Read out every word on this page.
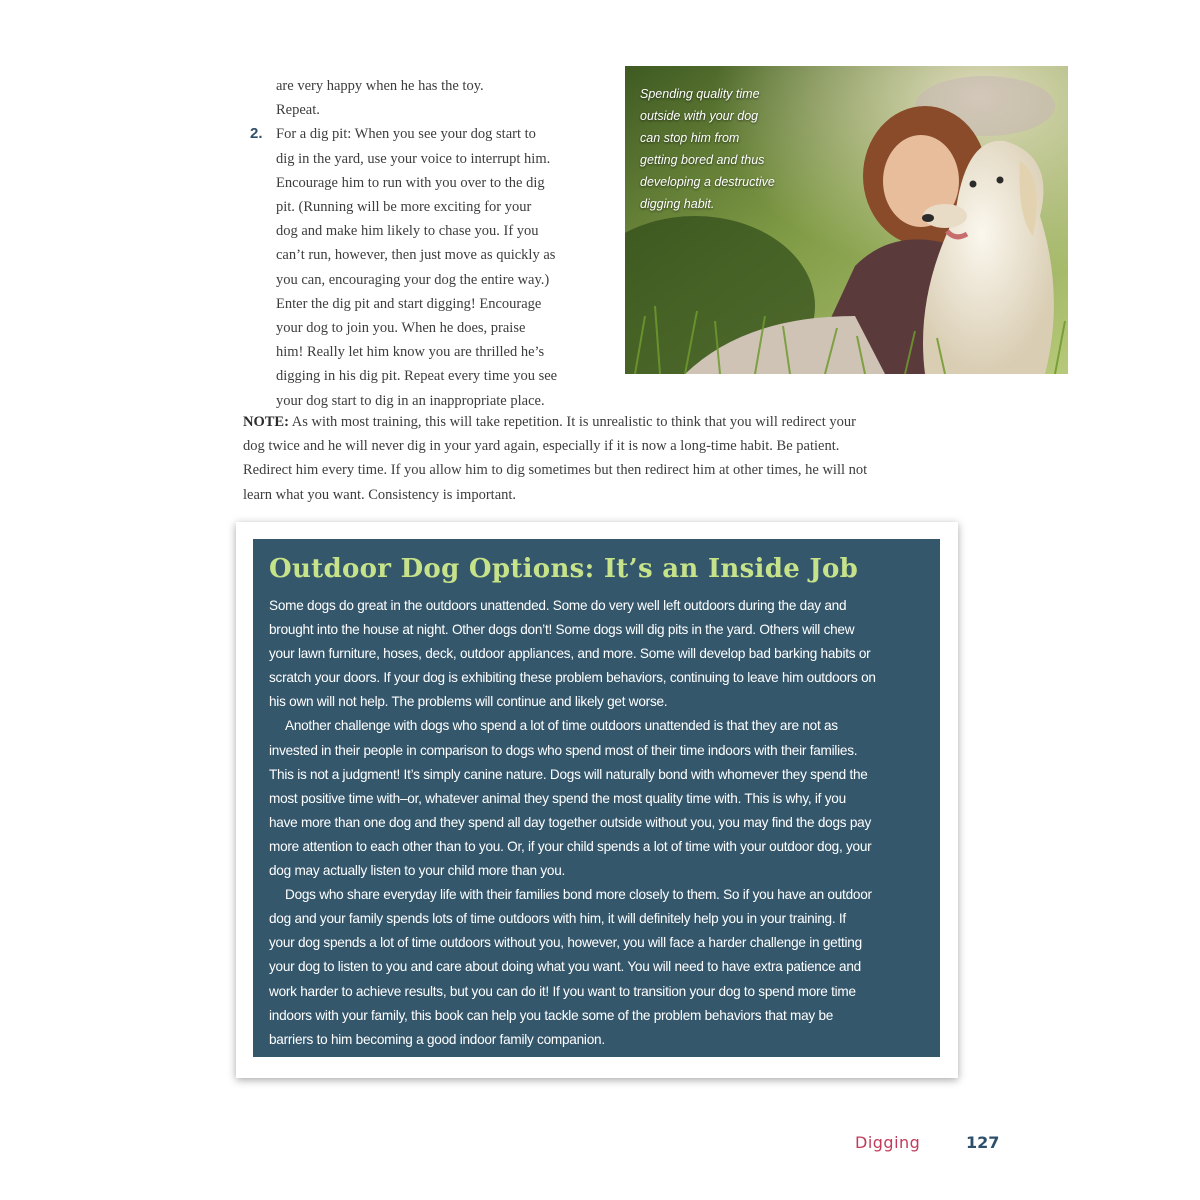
are very happy when he has the toy.
Repeat.
2. For a dig pit: When you see your dog start to
dig in the yard, use your voice to interrupt him.
Encourage him to run with you over to the dig
pit. (Running will be more exciting for your
dog and make him likely to chase you. If you
can’t run, however, then just move as quickly as
you can, encouraging your dog the entire way.)
Enter the dig pit and start digging! Encourage
your dog to join you. When he does, praise
him! Really let him know you are thrilled he’s
digging in his dig pit. Repeat every time you see
your dog start to dig in an inappropriate place.
Spending quality time
outside with your dog
can stop him from
getting bored and thus
developing a destructive
digging habit.
NOTE: As with most training, this will take repetition. It is unrealistic to think that you will redirect your
dog twice and he will never dig in your yard again, especially if it is now a long-time habit. Be patient.
Redirect him every time. If you allow him to dig sometimes but then redirect him at other times, he will not
learn what you want. Consistency is important.
Outdoor Dog Options: It’s an Inside Job
Some dogs do great in the outdoors unattended. Some do very well left outdoors during the day and
brought into the house at night. Other dogs don’t! Some dogs will dig pits in the yard. Others will chew
your lawn furniture, hoses, deck, outdoor appliances, and more. Some will develop bad barking habits or
scratch your doors. If your dog is exhibiting these problem behaviors, continuing to leave him outdoors on
his own will not help. The problems will continue and likely get worse.
Another challenge with dogs who spend a lot of time outdoors unattended is that they are not as
invested in their people in comparison to dogs who spend most of their time indoors with their families.
This is not a judgment! It’s simply canine nature. Dogs will naturally bond with whomever they spend the
most positive time with–or, whatever animal they spend the most quality time with. This is why, if you
have more than one dog and they spend all day together outside without you, you may find the dogs pay
more attention to each other than to you. Or, if your child spends a lot of time with your outdoor dog, your
dog may actually listen to your child more than you.
Dogs who share everyday life with their families bond more closely to them. So if you have an outdoor
dog and your family spends lots of time outdoors with him, it will definitely help you in your training. If
your dog spends a lot of time outdoors without you, however, you will face a harder challenge in getting
your dog to listen to you and care about doing what you want. You will need to have extra patience and
work harder to achieve results, but you can do it! If you want to transition your dog to spend more time
indoors with your family, this book can help you tackle some of the problem behaviors that may be
barriers to him becoming a good indoor family companion.
Digging	127
